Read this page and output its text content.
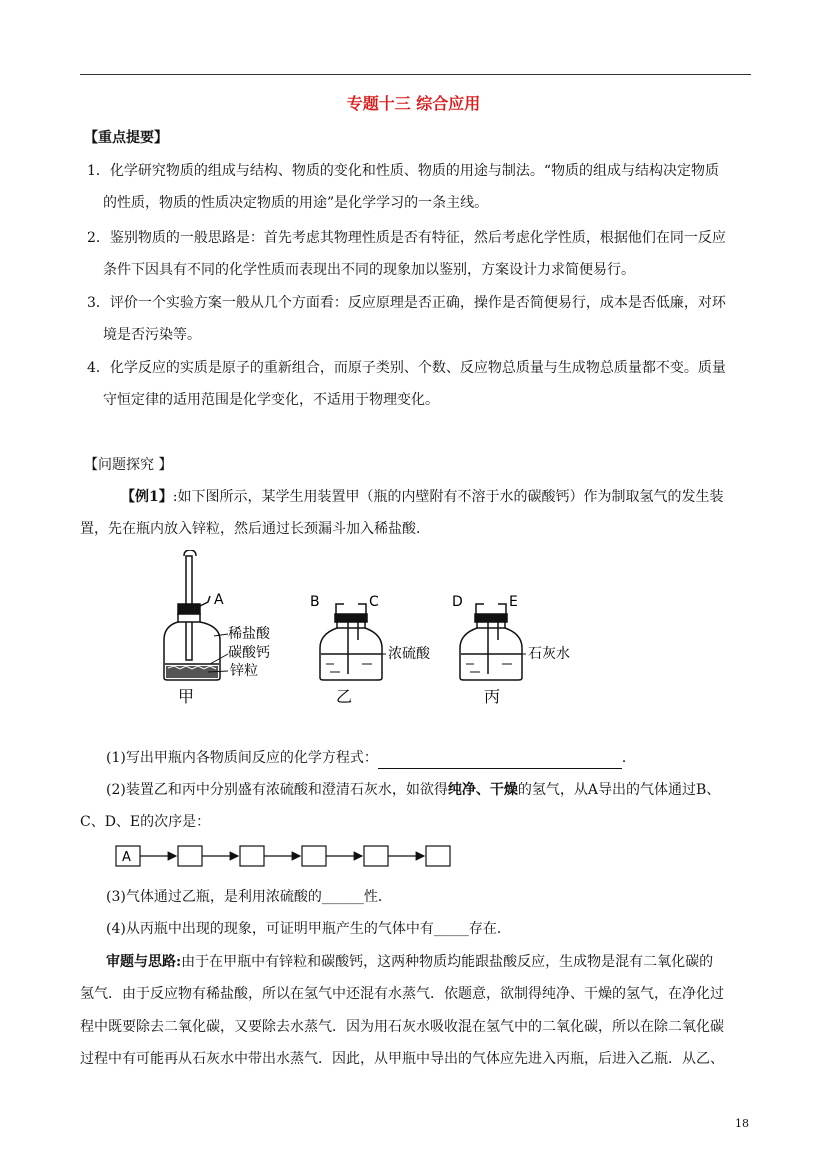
专题十三 综合应用
【重点提要】
1．化学研究物质的组成与结构、物质的变化和性质、物质的用途与制法。“物质的组成与结构决定物质
的性质，物质的性质决定物质的用途”是化学学习的一条主线。
2．鉴别物质的一般思路是：首先考虑其物理性质是否有特征，然后考虑化学性质，根据他们在同一反应
条件下因具有不同的化学性质而表现出不同的现象加以鉴别，方案设计力求简便易行。
3．评价一个实验方案一般从几个方面看：反应原理是否正确，操作是否简便易行，成本是否低廉，对环
境是否污染等。
4．化学反应的实质是原子的重新组合，而原子类别、个数、反应物总质量与生成物总质量都不变。质量
守恒定律的适用范围是化学变化，不适用于物理变化。
【问题探究 】
【例1】:如下图所示，某学生用装置甲（瓶的内壁附有不溶于水的碳酸钙）作为制取氢气的发生装
置，先在瓶内放入锌粒，然后通过长颈漏斗加入稀盐酸．
A
稀盐酸
碳酸钙
锌粒
甲
B	C
浓硫酸
乙
D	E
石灰水
丙
(1)写出甲瓶内各物质间反应的化学方程式：	．
(2)装置乙和丙中分别盛有浓硫酸和澄清石灰水，如欲得纯净、干燥的氢气，从A导出的气体通过B、
C、D、E的次序是：
A
(3)气体通过乙瓶，是利用浓硫酸的______性．
(4)从丙瓶中出现的现象，可证明甲瓶产生的气体中有_____存在．
审题与思路:由于在甲瓶中有锌粒和碳酸钙，这两种物质均能跟盐酸反应，生成物是混有二氧化碳的
氢气．由于反应物有稀盐酸，所以在氢气中还混有水蒸气．依题意，欲制得纯净、干燥的氢气，在净化过
程中既要除去二氧化碳，又要除去水蒸气．因为用石灰水吸收混在氢气中的二氧化碳，所以在除二氧化碳
过程中有可能再从石灰水中带出水蒸气．因此，从甲瓶中导出的气体应先进入丙瓶，后进入乙瓶．从乙、
18
